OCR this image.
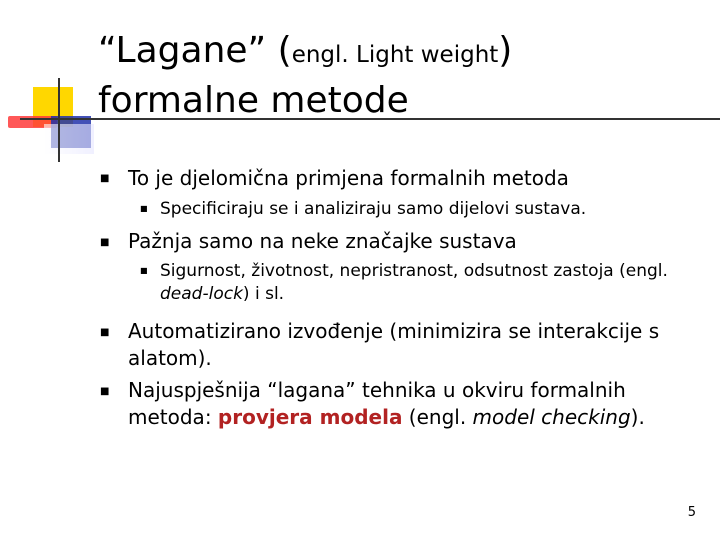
“Lagane” (engl. Light weight)
formalne metode
■ To je djelomična primjena formalnih metoda
■ Specificiraju se i analiziraju samo dijelovi sustava.
■ Pažnja samo na neke značajke sustava
■ Sigurnost, životnost, nepristranost, odsutnost zastoja (engl.
dead-lock) i sl.
■ Automatizirano izvođenje (minimizira se interakcije s
alatom).
■ Najuspješnija “lagana” tehnika u okviru formalnih
metoda: provjera modela (engl. model checking).
5
